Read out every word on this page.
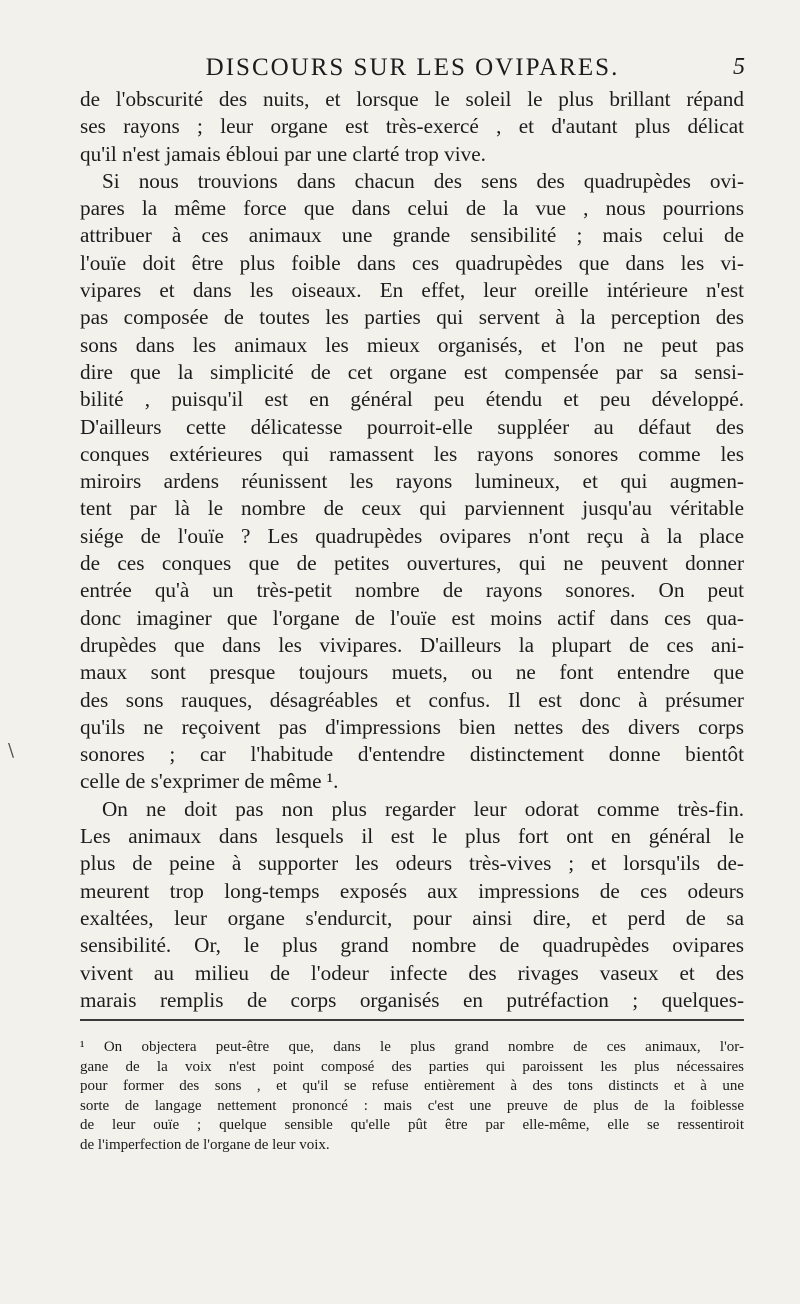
DISCOURS SUR LES OVIPARES.	5
de l'obscurité des nuits, et lorsque le soleil le plus brillant répand
ses rayons ; leur organe est très-exercé , et d'autant plus délicat
qu'il n'est jamais ébloui par une clarté trop vive.
Si nous trouvions dans chacun des sens des quadrupèdes ovi-
pares la même force que dans celui de la vue , nous pourrions
attribuer à ces animaux une grande sensibilité ; mais celui de
l'ouïe doit être plus foible dans ces quadrupèdes que dans les vi-
vipares et dans les oiseaux. En effet, leur oreille intérieure n'est
pas composée de toutes les parties qui servent à la perception des
sons dans les animaux les mieux organisés, et l'on ne peut pas
dire que la simplicité de cet organe est compensée par sa sensi-
bilité , puisqu'il est en général peu étendu et peu développé.
D'ailleurs cette délicatesse pourroit-elle suppléer au défaut des
conques extérieures qui ramassent les rayons sonores comme les
miroirs ardens réunissent les rayons lumineux, et qui augmen-
tent par là le nombre de ceux qui parviennent jusqu'au véritable
siége de l'ouïe ? Les quadrupèdes ovipares n'ont reçu à la place
de ces conques que de petites ouvertures, qui ne peuvent donner
entrée qu'à un très-petit nombre de rayons sonores. On peut
donc imaginer que l'organe de l'ouïe est moins actif dans ces qua-
drupèdes que dans les vivipares. D'ailleurs la plupart de ces ani-
maux sont presque toujours muets, ou ne font entendre que
des sons rauques, désagréables et confus. Il est donc à présumer
qu'ils ne reçoivent pas d'impressions bien nettes des divers corps
sonores ; car l'habitude d'entendre distinctement donne bientôt
celle de s'exprimer de même ¹.
On ne doit pas non plus regarder leur odorat comme très-fin.
Les animaux dans lesquels il est le plus fort ont en général le
plus de peine à supporter les odeurs très-vives ; et lorsqu'ils de-
meurent trop long-temps exposés aux impressions de ces odeurs
exaltées, leur organe s'endurcit, pour ainsi dire, et perd de sa
sensibilité. Or, le plus grand nombre de quadrupèdes ovipares
vivent au milieu de l'odeur infecte des rivages vaseux et des
marais remplis de corps organisés en putréfaction ; quelques-
¹ On objectera peut-être que, dans le plus grand nombre de ces animaux, l'or-
gane de la voix n'est point composé des parties qui paroissent les plus nécessaires
pour former des sons , et qu'il se refuse entièrement à des tons distincts et à une
sorte de langage nettement prononcé : mais c'est une preuve de plus de la foiblesse
de leur ouïe ; quelque sensible qu'elle pût être par elle-même, elle se ressentiroit
de l'imperfection de l'organe de leur voix.
\
